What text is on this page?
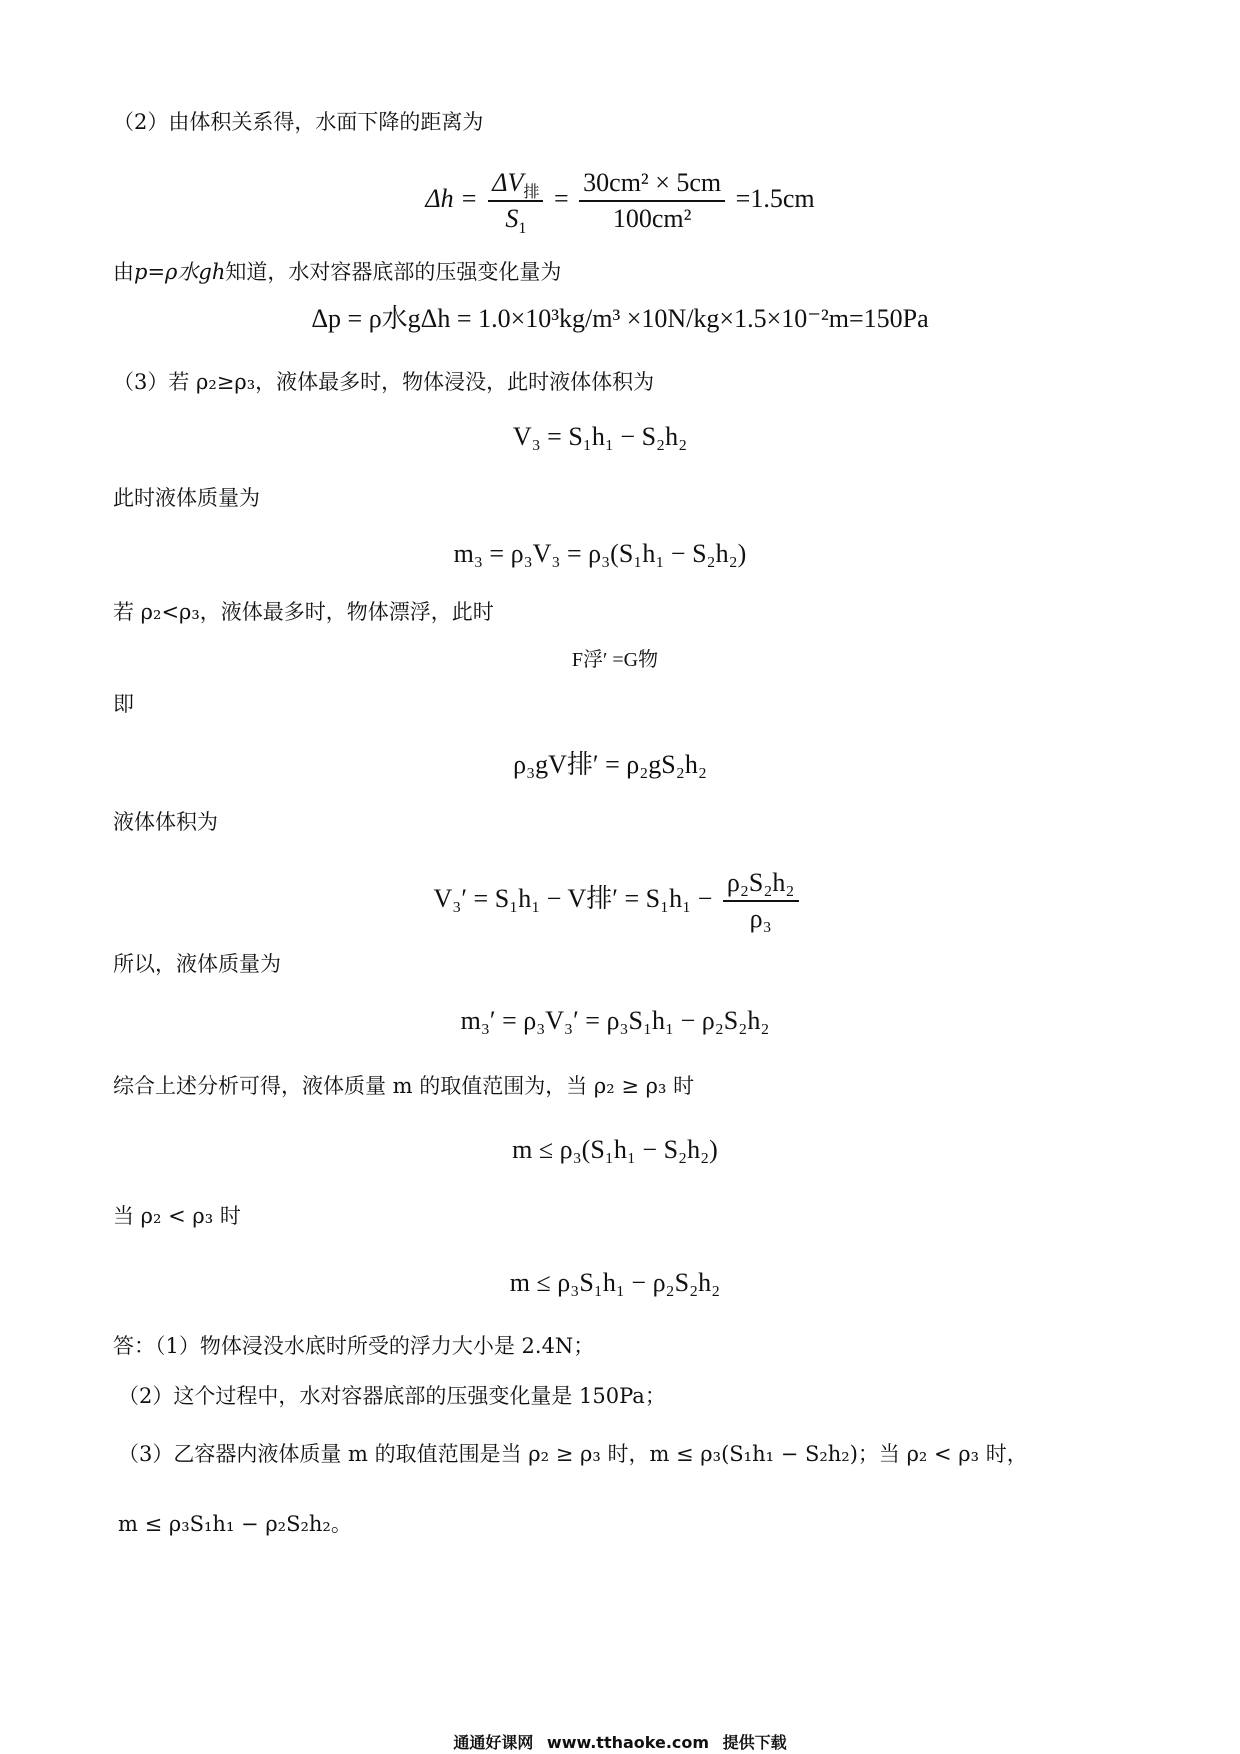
（2）由体积关系得，水面下降的距离为
$\Delta h = \frac{\Delta V_排}{S_1} = \frac{\text{30cm² × 5cm}}{\text{100cm²}} =1.5cm$
由p=ρ水gh知道，水对容器底部的压强变化量为
Δp = ρ水gΔh = 1.0×10³kg/m³ ×10N/kg×1.5×10⁻²m=150Pa
（3）若 ρ₂≥ρ₃，液体最多时，物体浸没，此时液体体积为
V₃ = S₁h₁ − S₂h₂
此时液体质量为
m₃ = ρ₃V₃ = ρ₃(S₁h₁ − S₂h₂)
若 ρ₂<ρ₃，液体最多时，物体漂浮，此时
F浮′ =G物
即
ρ₃gV排′ = ρ₂gS₂h₂
液体体积为
V₃′ = S₁h₁ − V排′ = $S_1h_1 - \frac{\text{ρ₂S₂h₂}}{\text{ρ₃}}$
所以，液体质量为
m₃′ = ρ₃V₃′ = ρ₃S₁h₁ − ρ₂S₂h₂
综合上述分析可得，液体质量 m 的取值范围为，当 ρ₂ ≥ ρ₃ 时
m ≤ ρ₃(S₁h₁ − S₂h₂)
当 ρ₂ < ρ₃ 时
m ≤ ρ₃S₁h₁ − ρ₂S₂h₂
答：（1）物体浸没水底时所受的浮力大小是 2.4N；
（2）这个过程中，水对容器底部的压强变化量是 150Pa；
（3）乙容器内液体质量 m 的取值范围是当 ρ₂ ≥ ρ₃ 时，m ≤ ρ₃(S₁h₁ − S₂h₂)；当 ρ₂ < ρ₃ 时，
m ≤ ρ₃S₁h₁ − ρ₂S₂h₂。
通通好课网 www.tthaoke.com 提供下载
